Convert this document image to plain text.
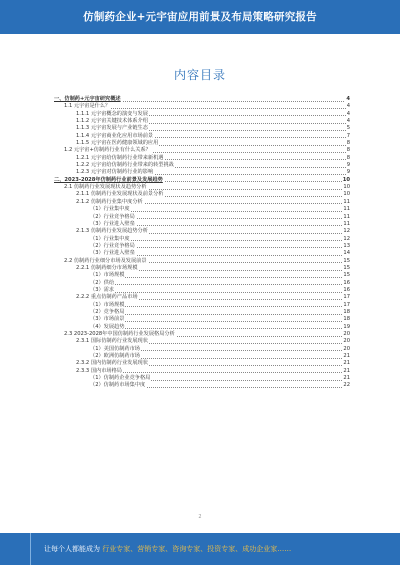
仿制药企业+元宇宙应用前景及布局策略研究报告
内容目录
一、仿制药+元宇宙研究概述	4
1.1 元宇宙是什么？	4
1.1.1 元宇宙概念的演变与发展	4
1.1.2 元宇宙关键技术体系介绍	4
1.1.3 元宇宙发展与产业链生态	5
1.1.4 元宇宙商业化应用市场前景	7
1.1.5 元宇宙在医药健康领域的应用	8
1.2 元宇宙+仿制药行业有什么关系？	8
1.2.1 元宇宙给仿制药行业带来新机遇	8
1.2.2 元宇宙给仿制药行业带来的转型挑战	9
1.2.3 元宇宙对仿制药行业的影响	9
二、2023-2028年仿制药行业前景及发展趋势	10
2.1 仿制药行业发展现状及趋势分析	10
2.1.1 仿制药行业发展现状及前景分析	10
2.1.2 仿制药行业集中度分析	11
（1）行业集中度	11
（2）行业竞争格局	11
（3）行业进入壁垒	11
2.1.3 仿制药行业发展趋势分析	12
（1）行业集中度	12
（2）行业竞争格局	13
（3）行业进入壁垒	14
2.2 仿制药行业细分市场及发展前景	15
2.2.1 仿制药细分市场规模	15
（1）市场规模	15
（2）供给	16
（3）需求	16
2.2.2 重点仿制药产品市场	17
（1）市场规模	17
（2）竞争格局	18
（3）市场前景	18
（4）发展趋势	19
2.3 2023-2028年中国仿制药行业发展格局分析	20
2.3.1 国际仿制药行业发展现状	20
（1）美国仿制药市场	20
（2）欧洲仿制药市场	21
2.3.2 国内仿制药行业发展现状	21
2.3.3 国内市场格局	21
（1）仿制药企业竞争格局	21
（2）仿制药市场集中度	22
2
让每个人都能成为 行业专家、营销专家、咨询专家、投资专家、成功企业家……
